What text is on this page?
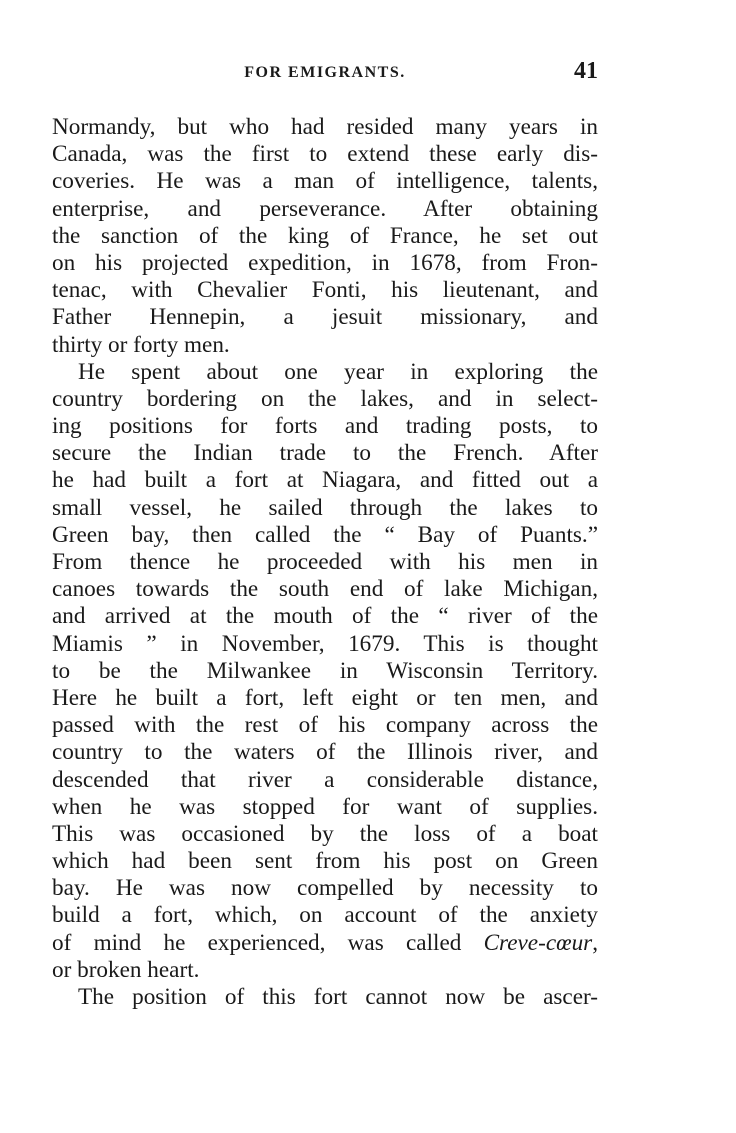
FOR EMIGRANTS.	41
Normandy, but who had resided many years in
Canada, was the first to extend these early dis-
coveries. He was a man of intelligence, talents,
enterprise, and perseverance. After obtaining
the sanction of the king of France, he set out
on his projected expedition, in 1678, from Fron-
tenac, with Chevalier Fonti, his lieutenant, and
Father Hennepin, a jesuit missionary, and
thirty or forty men.
He spent about one year in exploring the
country bordering on the lakes, and in select-
ing positions for forts and trading posts, to
secure the Indian trade to the French. After
he had built a fort at Niagara, and fitted out a
small vessel, he sailed through the lakes to
Green bay, then called the “ Bay of Puants.”
From thence he proceeded with his men in
canoes towards the south end of lake Michigan,
and arrived at the mouth of the “ river of the
Miamis ” in November, 1679. This is thought
to be the Milwankee in Wisconsin Territory.
Here he built a fort, left eight or ten men, and
passed with the rest of his company across the
country to the waters of the Illinois river, and
descended that river a considerable distance,
when he was stopped for want of supplies.
This was occasioned by the loss of a boat
which had been sent from his post on Green
bay. He was now compelled by necessity to
build a fort, which, on account of the anxiety
of mind he experienced, was called Creve-cœur,
or broken heart.
The position of this fort cannot now be ascer-
